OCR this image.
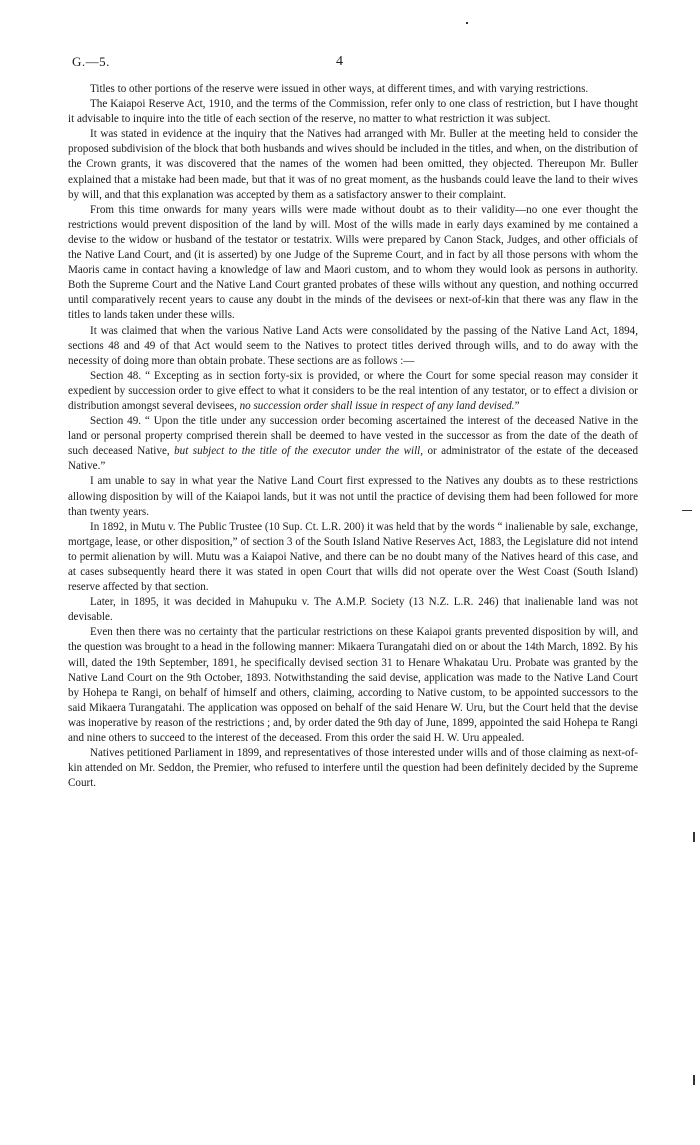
G.—5.	4

Titles to other portions of the reserve were issued in other ways, at different times, and with varying restrictions.

The Kaiapoi Reserve Act, 1910, and the terms of the Commission, refer only to one class of restriction, but I have thought it advisable to inquire into the title of each section of the reserve, no matter to what restriction it was subject.

It was stated in evidence at the inquiry that the Natives had arranged with Mr. Buller at the meeting held to consider the proposed subdivision of the block that both husbands and wives should be included in the titles, and when, on the distribution of the Crown grants, it was discovered that the names of the women had been omitted, they objected. Thereupon Mr. Buller explained that a mistake had been made, but that it was of no great moment, as the husbands could leave the land to their wives by will, and that this explanation was accepted by them as a satisfactory answer to their complaint.

From this time onwards for many years wills were made without doubt as to their validity—no one ever thought the restrictions would prevent disposition of the land by will. Most of the wills made in early days examined by me contained a devise to the widow or husband of the testator or testatrix. Wills were prepared by Canon Stack, Judges, and other officials of the Native Land Court, and (it is asserted) by one Judge of the Supreme Court, and in fact by all those persons with whom the Maoris came in contact having a knowledge of law and Maori custom, and to whom they would look as persons in authority. Both the Supreme Court and the Native Land Court granted probates of these wills without any question, and nothing occurred until comparatively recent years to cause any doubt in the minds of the devisees or next-of-kin that there was any flaw in the titles to lands taken under these wills.

It was claimed that when the various Native Land Acts were consolidated by the passing of the Native Land Act, 1894, sections 48 and 49 of that Act would seem to the Natives to protect titles derived through wills, and to do away with the necessity of doing more than obtain probate. These sections are as follows :—

Section 48. “ Excepting as in section forty-six is provided, or where the Court for some special reason may consider it expedient by succession order to give effect to what it considers to be the real intention of any testator, or to effect a division or distribution amongst several devisees, no succession order shall issue in respect of any land devised.”

Section 49. “ Upon the title under any succession order becoming ascertained the interest of the deceased Native in the land or personal property comprised therein shall be deemed to have vested in the successor as from the date of the death of such deceased Native, but subject to the title of the executor under the will, or administrator of the estate of the deceased Native.”

I am unable to say in what year the Native Land Court first expressed to the Natives any doubts as to these restrictions allowing disposition by will of the Kaiapoi lands, but it was not until the practice of devising them had been followed for more than twenty years.

In 1892, in Mutu v. The Public Trustee (10 Sup. Ct. L.R. 200) it was held that by the words “ inalienable by sale, exchange, mortgage, lease, or other disposition,” of section 3 of the South Island Native Reserves Act, 1883, the Legislature did not intend to permit alienation by will. Mutu was a Kaiapoi Native, and there can be no doubt many of the Natives heard of this case, and at cases subsequently heard there it was stated in open Court that wills did not operate over the West Coast (South Island) reserve affected by that section.

Later, in 1895, it was decided in Mahupuku v. The A.M.P. Society (13 N.Z. L.R. 246) that inalienable land was not devisable.

Even then there was no certainty that the particular restrictions on these Kaiapoi grants prevented disposition by will, and the question was brought to a head in the following manner: Mikaera Turangatahi died on or about the 14th March, 1892. By his will, dated the 19th September, 1891, he specifically devised section 31 to Henare Whakatau Uru. Probate was granted by the Native Land Court on the 9th October, 1893. Notwithstanding the said devise, application was made to the Native Land Court by Hohepa te Rangi, on behalf of himself and others, claiming, according to Native custom, to be appointed successors to the said Mikaera Turangatahi. The application was opposed on behalf of the said Henare W. Uru, but the Court held that the devise was inoperative by reason of the restrictions ; and, by order dated the 9th day of June, 1899, appointed the said Hohepa te Rangi and nine others to succeed to the interest of the deceased. From this order the said H. W. Uru appealed.

Natives petitioned Parliament in 1899, and representatives of those interested under wills and of those claiming as next-of-kin attended on Mr. Seddon, the Premier, who refused to interfere until the question had been definitely decided by the Supreme Court.
